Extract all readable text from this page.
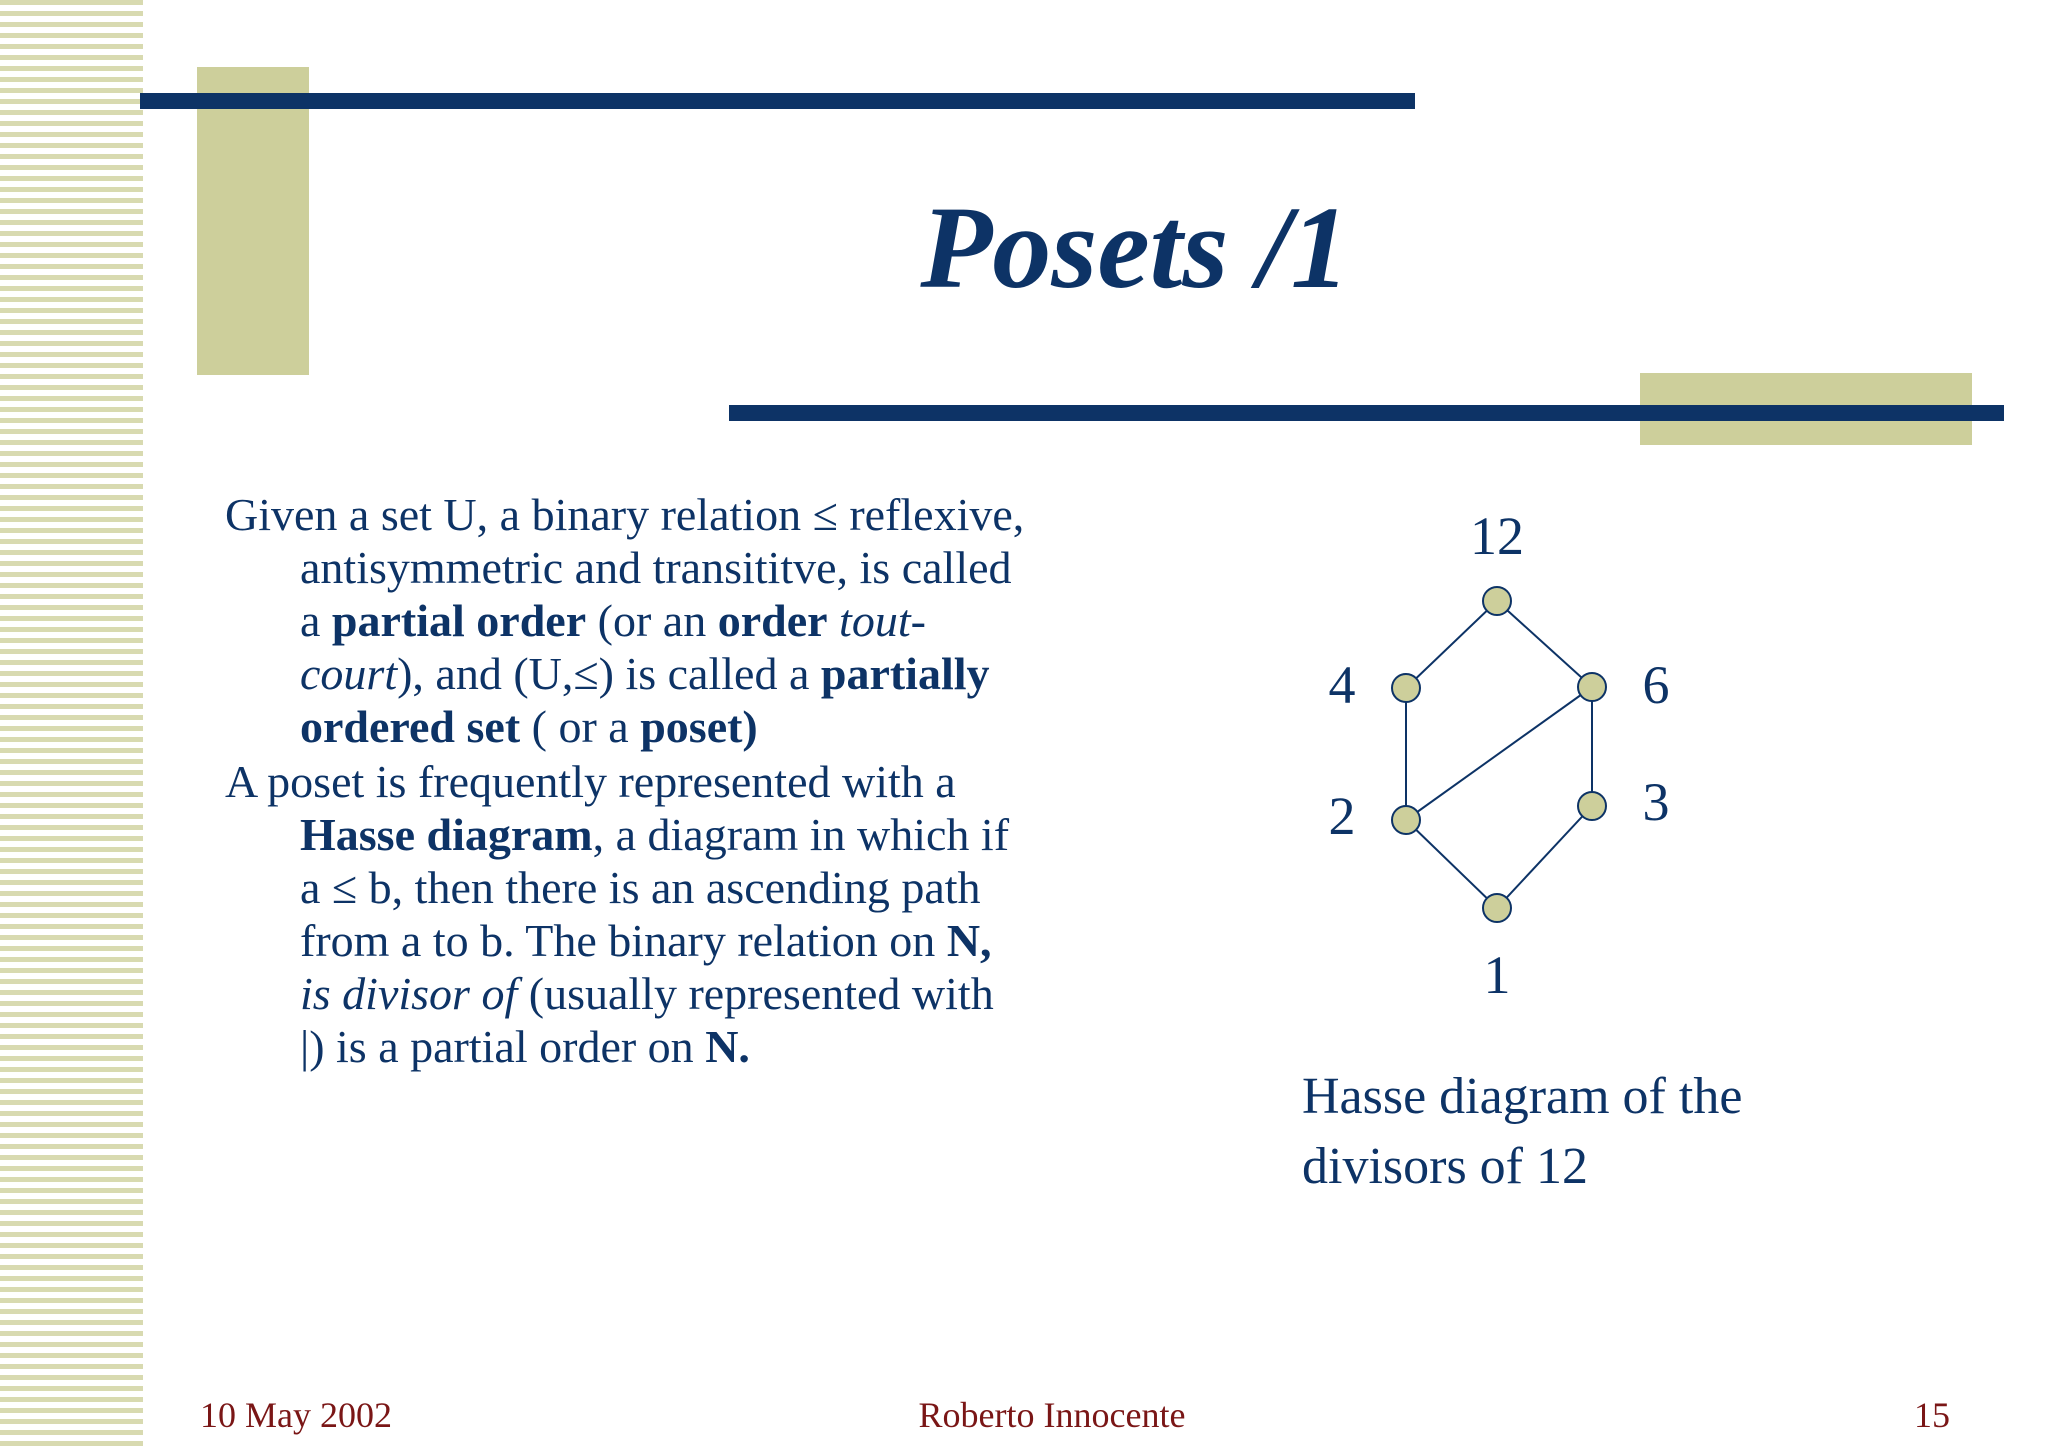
Posets /1

Given a set U, a binary relation ≤ reflexive, antisymmetric and transititve, is called a partial order (or an order tout-court), and (U,≤) is called a partially ordered set ( or a poset)

A poset is frequently represented with a Hasse diagram, a diagram in which if a ≤ b, then there is an ascending path from a to b. The binary relation on N, is divisor of (usually represented with |) is a partial order on N.

12
4	6
2	3
1
Hasse diagram of the divisors of 12
10 May 2002	Roberto Innocente	15
